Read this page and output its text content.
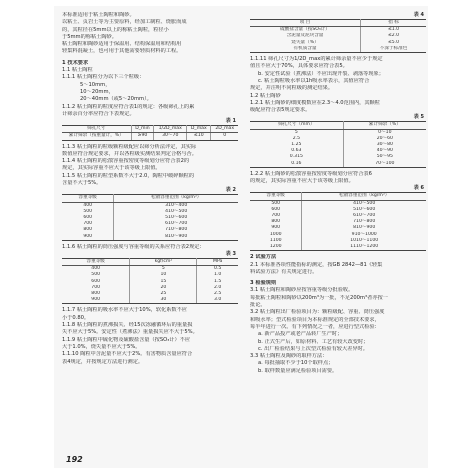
本标准适用于粘土陶粒和陶砂。
以粘土、页岩土等为主要原料，经加工制粒、烧胀而成
的，其粒径在5mm以上的称粘土陶粒，粒径小
于5mm的称粘土陶砂。
粘土陶粒和陶砂适用于保温用、结构保温用和结构用
轻集料混凝土，也可用于其他需要轻质材料的工程。
1 技术要求
1.1 粘土陶粒
1.1.1 粘土陶粒分为以下三个粒级：
5～10mm，
10～20mm，
20～40mm（或5～20mm）。
1.1.2 粘土陶粒的粒度应符合表1的规定：各级筛孔上的累
计筛余百分率应符合下表规定。
表 1
筛孔尺寸	D_min	1/2D_max	D_max	2D_max
累计筛余（按重量计，%）	≥90	30～70	≤10	0
1.1.3 粘土陶粒的粒级颗粒级配应以筛分析法评定，其实际
数值应符合规定要求，并以各粒级实测结果判定合格与否。
1.1.4 粘土陶粒的松散容重按密度等级划分应符合表2的
规定，其实际容重不应大于该等级上限值。
1.1.5 粘土陶粒的粒型系数不大于2.0，陶粒中破碎颗粒的
含量不大于5%。
表 2
容重等级	松散容重范围（kg/m³）
400	310～400
500	410～500
600	510～600
700	610～700
800	710～800
900	810～900
1.1.6 粘土陶粒的筒压强度与容重等级的关系应符合表2规定：
表 3
容重等级	kgf/cm²	MPa
400	5	0.5
500	10	1.0
600	15	1.5
700	20	2.0
800	25	2.5
900	30	3.0
1.1.7 粘土陶粒的吸水率不应大于10%，软化系数不应
小于0.80。
1.1.8 粘土陶粒的煮沸损失、经15次冻融循环后的重量损
失不应大于5%。安定性（煮沸法）重量损失应不大于5%。
1.1.9 粘土陶粒中硫化物及硫酸盐含量（按SO₃计）不应
大于1.0%，烧失量不应大于5%。
1.1.10 陶粒中含泥量不应大于2%。有害物质含量应符合
表4规定，并按规定方法进行测定。
表 4
项 目	指 标
硫酸盐含量（按SO₃计）	≤1.0
含泥量及泥块含量	≤2.0
烧失量（%）	≤5.0
有机质含量	不深于标准色
1.1.11 筛孔尺寸为1/2D_max的累计筛余量不应少于规定
值且不应大于70%，具体要求应符合表5。
b. 安定性试验（煮沸法）不应出现开裂、剥落等现象；
c. 粘土陶粒吸水率以1h吸水率表示，其值应符合
规定，并注明不同粒级的测定结果。
1.2 粘土陶砂
1.2.1 粘土陶砂的细度模数应在2.3～4.0范围内，其颗粒
级配应符合表5规定要求。
表 5
筛孔尺寸（mm）	累计筛余（%）
5	0～10
2.5	20～60
1.25	30～80
0.63	40～90
0.315	50～95
0.16	70～100
1.2.2 粘土陶砂的松散容重按密度等级划分应符合表6
的规定，其实际容重不应大于该等级上限值。
表 6
容重等级	松散容重范围（kg/m³）
500	410～500
600	510～600
700	610～700
800	710～800
900	810～900
1000	910～1000
1100	1010～1100
1200	1110～1200
2 试验方法
2.1 本标准各项性能指标的测定，按GB 2842—81《轻集
料试验方法》有关规定进行。
3 检验规则
3.1 粘土陶粒和陶砂应按容重等级分批验收。
每批粘土陶粒和陶砂以200m³为一批，不足200m³者亦按一
批论。
3.2 粘土陶粒出厂检验项目为：颗粒级配、容重、筒压强度
和吸水率；型式检验项目为本标准规定的全部技术要求，
每半年进行一次。有下列情况之一者，应进行型式检验：
a. 新产品投产或老产品转厂生产时；
b. 正式生产后，如原材料、工艺有较大改变时；
c. 出厂检验结果与上次型式检验有较大差异时。
3.3 粘土陶粒及陶砂的取样方法：
a. 每批抽取不少于10个取样点；
b. 取样数量应满足检验项目需要。
192
